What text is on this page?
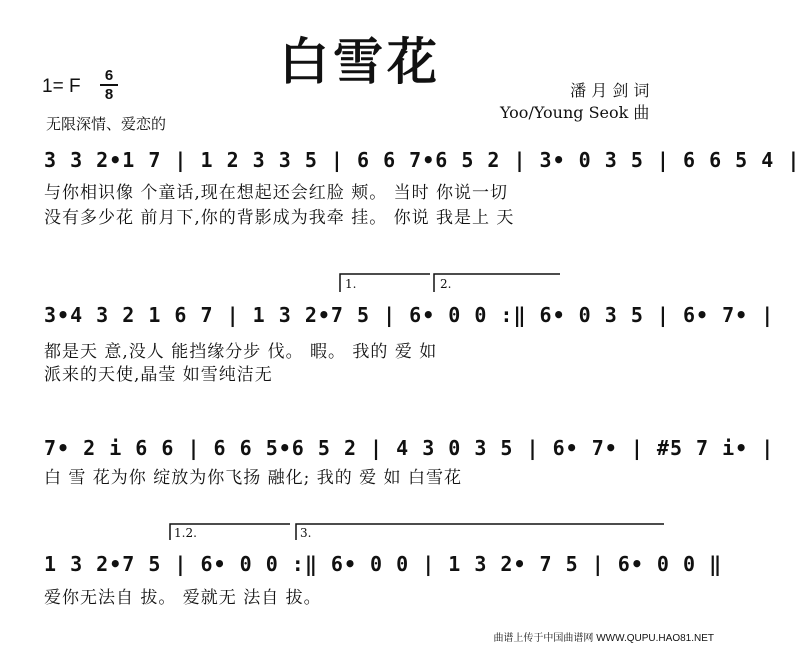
白雪花
1= F
6
8
无限深情、爱恋的
潘 月 剑 词
Yoo/Young Seok 曲
3 3 2•1 7 | 1 2 3 3 5 | 6 6 7•6 5 2 | 3• 0 3 5 | 6 6 5 4 |
与你相识像 个童话,现在想起还会红脸 颊。 当时 你说一切
没有多少花 前月下,你的背影成为我牵 挂。 你说 我是上 天
3•4 3 2 1 6 7 | 1 3 2•7 5 | 6• 0 0 :‖ 6• 0 3 5 | 6• 7• |
都是天 意,没人 能挡缘分步 伐。 暇。 我的 爱 如
派来的天使,晶莹 如雪纯洁无
1.	2.
7• 2 i 6 6 | 6 6 5•6 5 2 | 4 3 0 3 5 | 6• 7• | #5 7 i• |
白 雪 花为你 绽放为你飞扬 融化; 我的 爱 如 白雪花
1 3 2•7 5 | 6• 0 0 :‖ 6• 0 0 | 1 3 2• 7 5 | 6• 0 0 ‖
爱你无法自 拔。 爱就无 法自 拔。
1.2.	3.
曲谱上传于中国曲谱网 WWW.QUPU.HAO81.NET
